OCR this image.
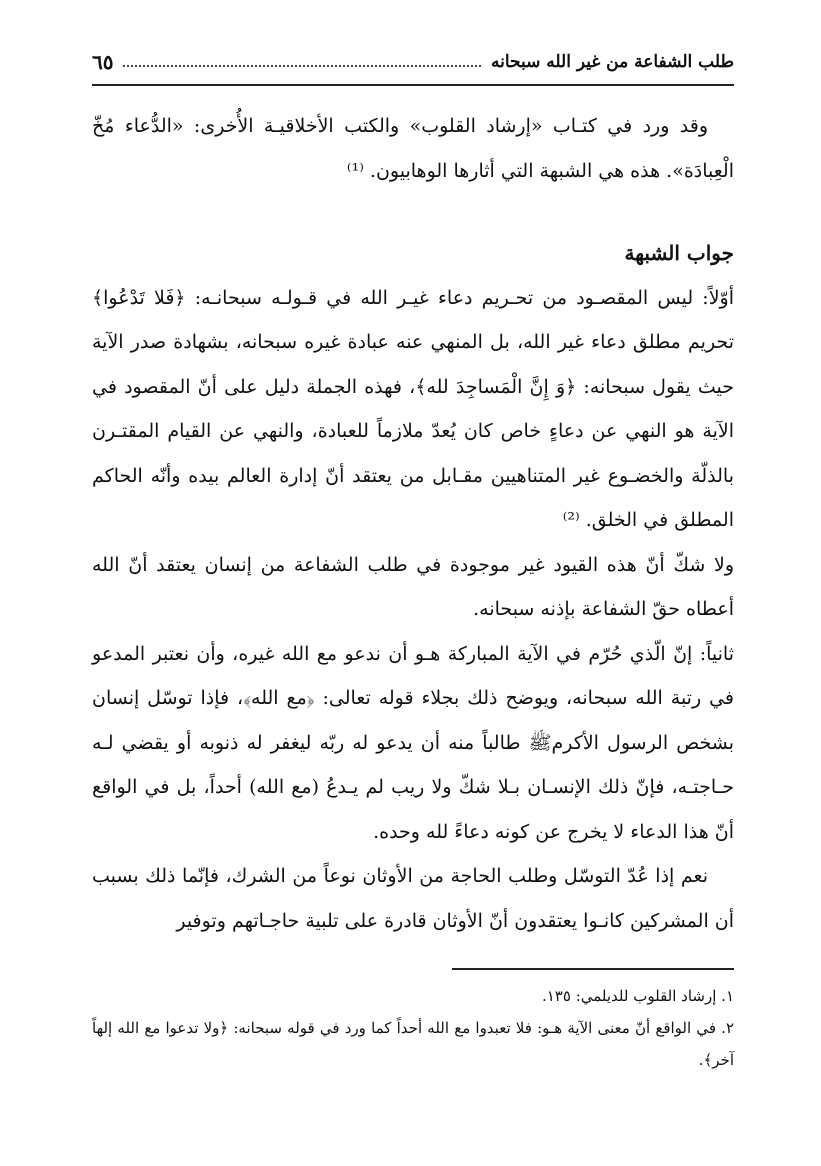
طلب الشفاعة من غير الله سبحانه
٦٥

وقد ورد في كتـاب «إرشاد القلوب» والكتب الأخلاقيـة الأُخرى: «الدُّعاء مُخّ الْعِبادَة». هذه هي الشبهة التي أثارها الوهابيون. ⁽¹⁾

جواب الشبهة

أوّلاً: ليس المقصـود من تحـريم دعاء غيـر الله في قـولـه سبحانـه: ﴿فَلا تَدْعُوا﴾ تحريم مطلق دعاء غير الله، بل المنهي عنه عبادة غيره سبحانه، بشهادة صدر الآية حيث يقول سبحانه: ﴿وَ إِنَّ الْمَساجِدَ لله﴾، فهذه الجملة دليل على أنّ المقصود في الآية هو النهي عن دعاءٍ خاص كان يُعدّ ملازماً للعبادة، والنهي عن القيام المقتـرن بالذلّة والخضـوع غير المتناهيين مقـابل من يعتقد أنّ إدارة العالم بيده وأنّه الحاكم المطلق في الخلق. ⁽²⁾

ولا شكّ أنّ هذه القيود غير موجودة في طلب الشفاعة من إنسان يعتقد أنّ الله أعطاه حقّ الشفاعة بإذنه سبحانه.

ثانياً: إنّ الّذي حُرّم في الآية المباركة هـو أن ندعو مع الله غيره، وأن نعتبر المدعو في رتبة الله سبحانه، ويوضح ذلك بجلاء قوله تعالى: ﴿مع الله﴾، فإذا توسّل إنسان بشخص الرسول الأكرمﷺ طالباً منه أن يدعو له ربّه ليغفر له ذنوبه أو يقضي لـه حـاجتـه، فإنّ ذلك الإنسـان بـلا شكّ ولا ريب لم يـدعُ (مع الله) أحداً، بل في الواقع أنّ هذا الدعاء لا يخرج عن كونه دعاءً لله وحده.

نعم إذا عُدّ التوسّل وطلب الحاجة من الأوثان نوعاً من الشرك، فإنّما ذلك بسبب أن المشركين كانـوا يعتقدون أنّ الأوثان قادرة على تلبية حاجـاتهم وتوفير

١. إرشاد القلوب للديلمي: ١٣٥.
٢. في الواقع أنّ معنى الآية هـو: فلا تعبدوا مع الله أحداً كما ورد في قوله سبحانه: ﴿ولا تدعوا مع الله إلهاً آخر﴾.
